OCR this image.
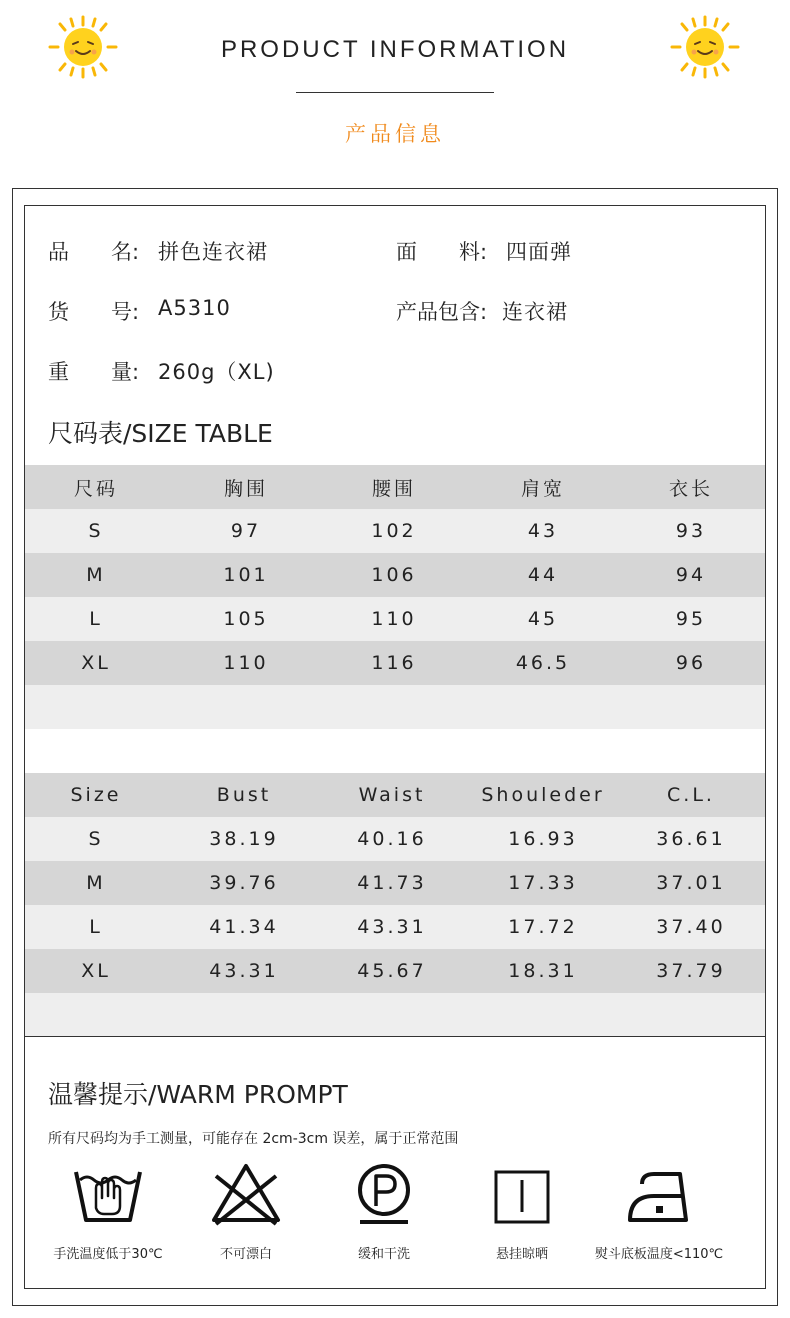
PRODUCT INFORMATION
产品信息
品　　名: 拼色连衣裙	面　　料: 四面弹
货　　号: A5310	产品包含: 连衣裙
重　　量: 260g（XL)
尺码表/SIZE TABLE
尺码	胸围	腰围	肩宽	衣长
S	97	102	43	93
M	101	106	44	94
L	105	110	45	95
XL	110	116	46.5	96
Size	Bust	Waist	Shouleder	C.L.
S	38.19	40.16	16.93	36.61
M	39.76	41.73	17.33	37.01
L	41.34	43.31	17.72	37.40
XL	43.31	45.67	18.31	37.79
温馨提示/WARM PROMPT
所有尺码均为手工测量，可能存在 2cm-3cm 误差，属于正常范围
手洗温度低于30℃	不可漂白	缓和干洗	悬挂晾晒	熨斗底板温度<110℃
